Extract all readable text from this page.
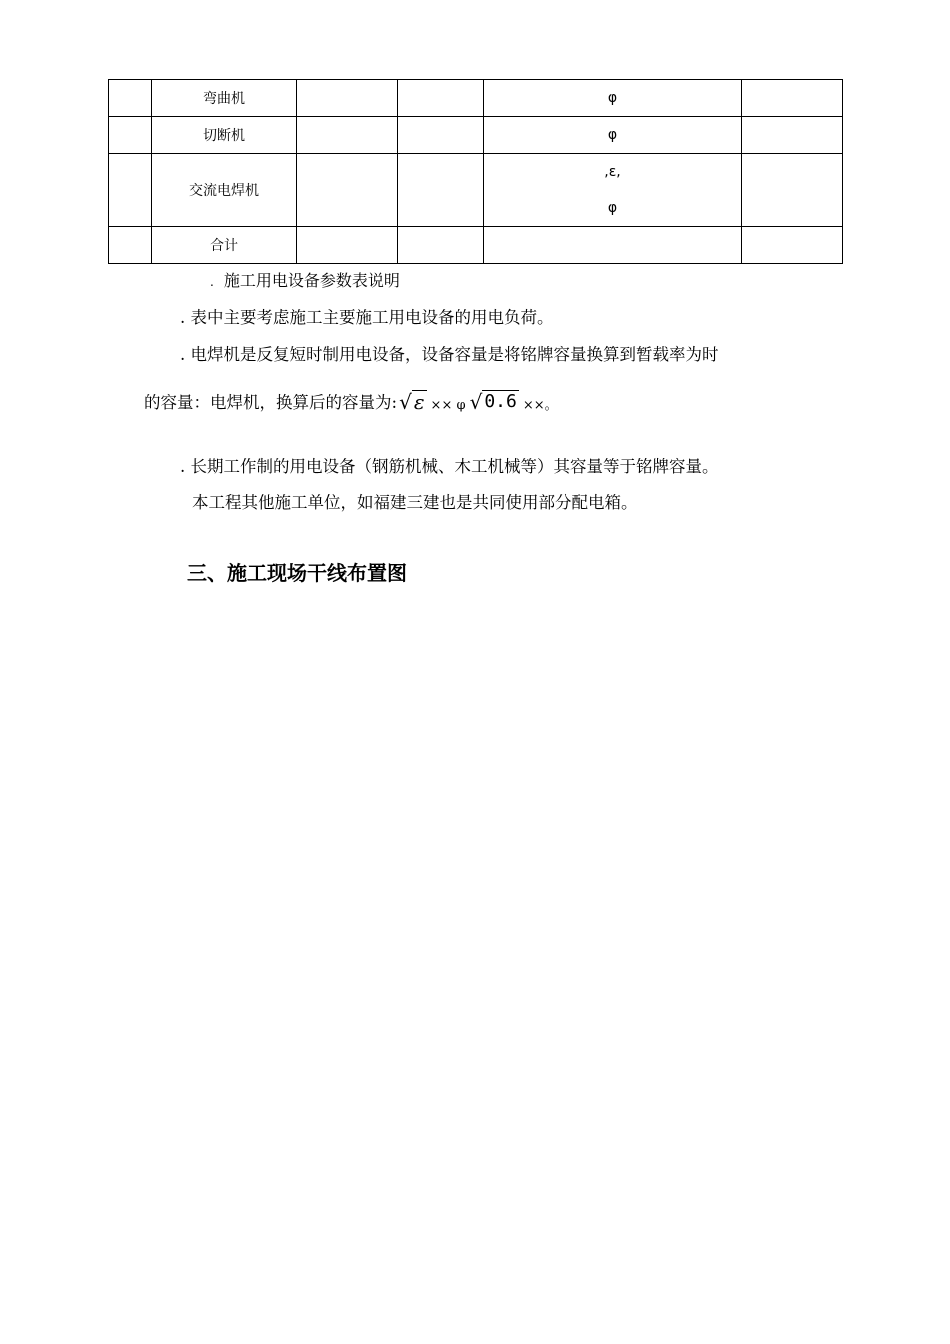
	弯曲机			φ	

	切断机			φ	

	交流电焊机			,ε,
φ	

	合计			

. 施工用电设备参数表说明
. 表中主要考虑施工主要施工用电设备的用电负荷。
. 电焊机是反复短时制用电设备，设备容量是将铭牌容量换算到暂载率为时
的容量：电焊机，换算后的容量为: √ ε ×× φ √ 0.6 ××。
. 长期工作制的用电设备（钢筋机械、木工机械等）其容量等于铭牌容量。
本工程其他施工单位，如福建三建也是共同使用部分配电箱。
三、施工现场干线布置图
